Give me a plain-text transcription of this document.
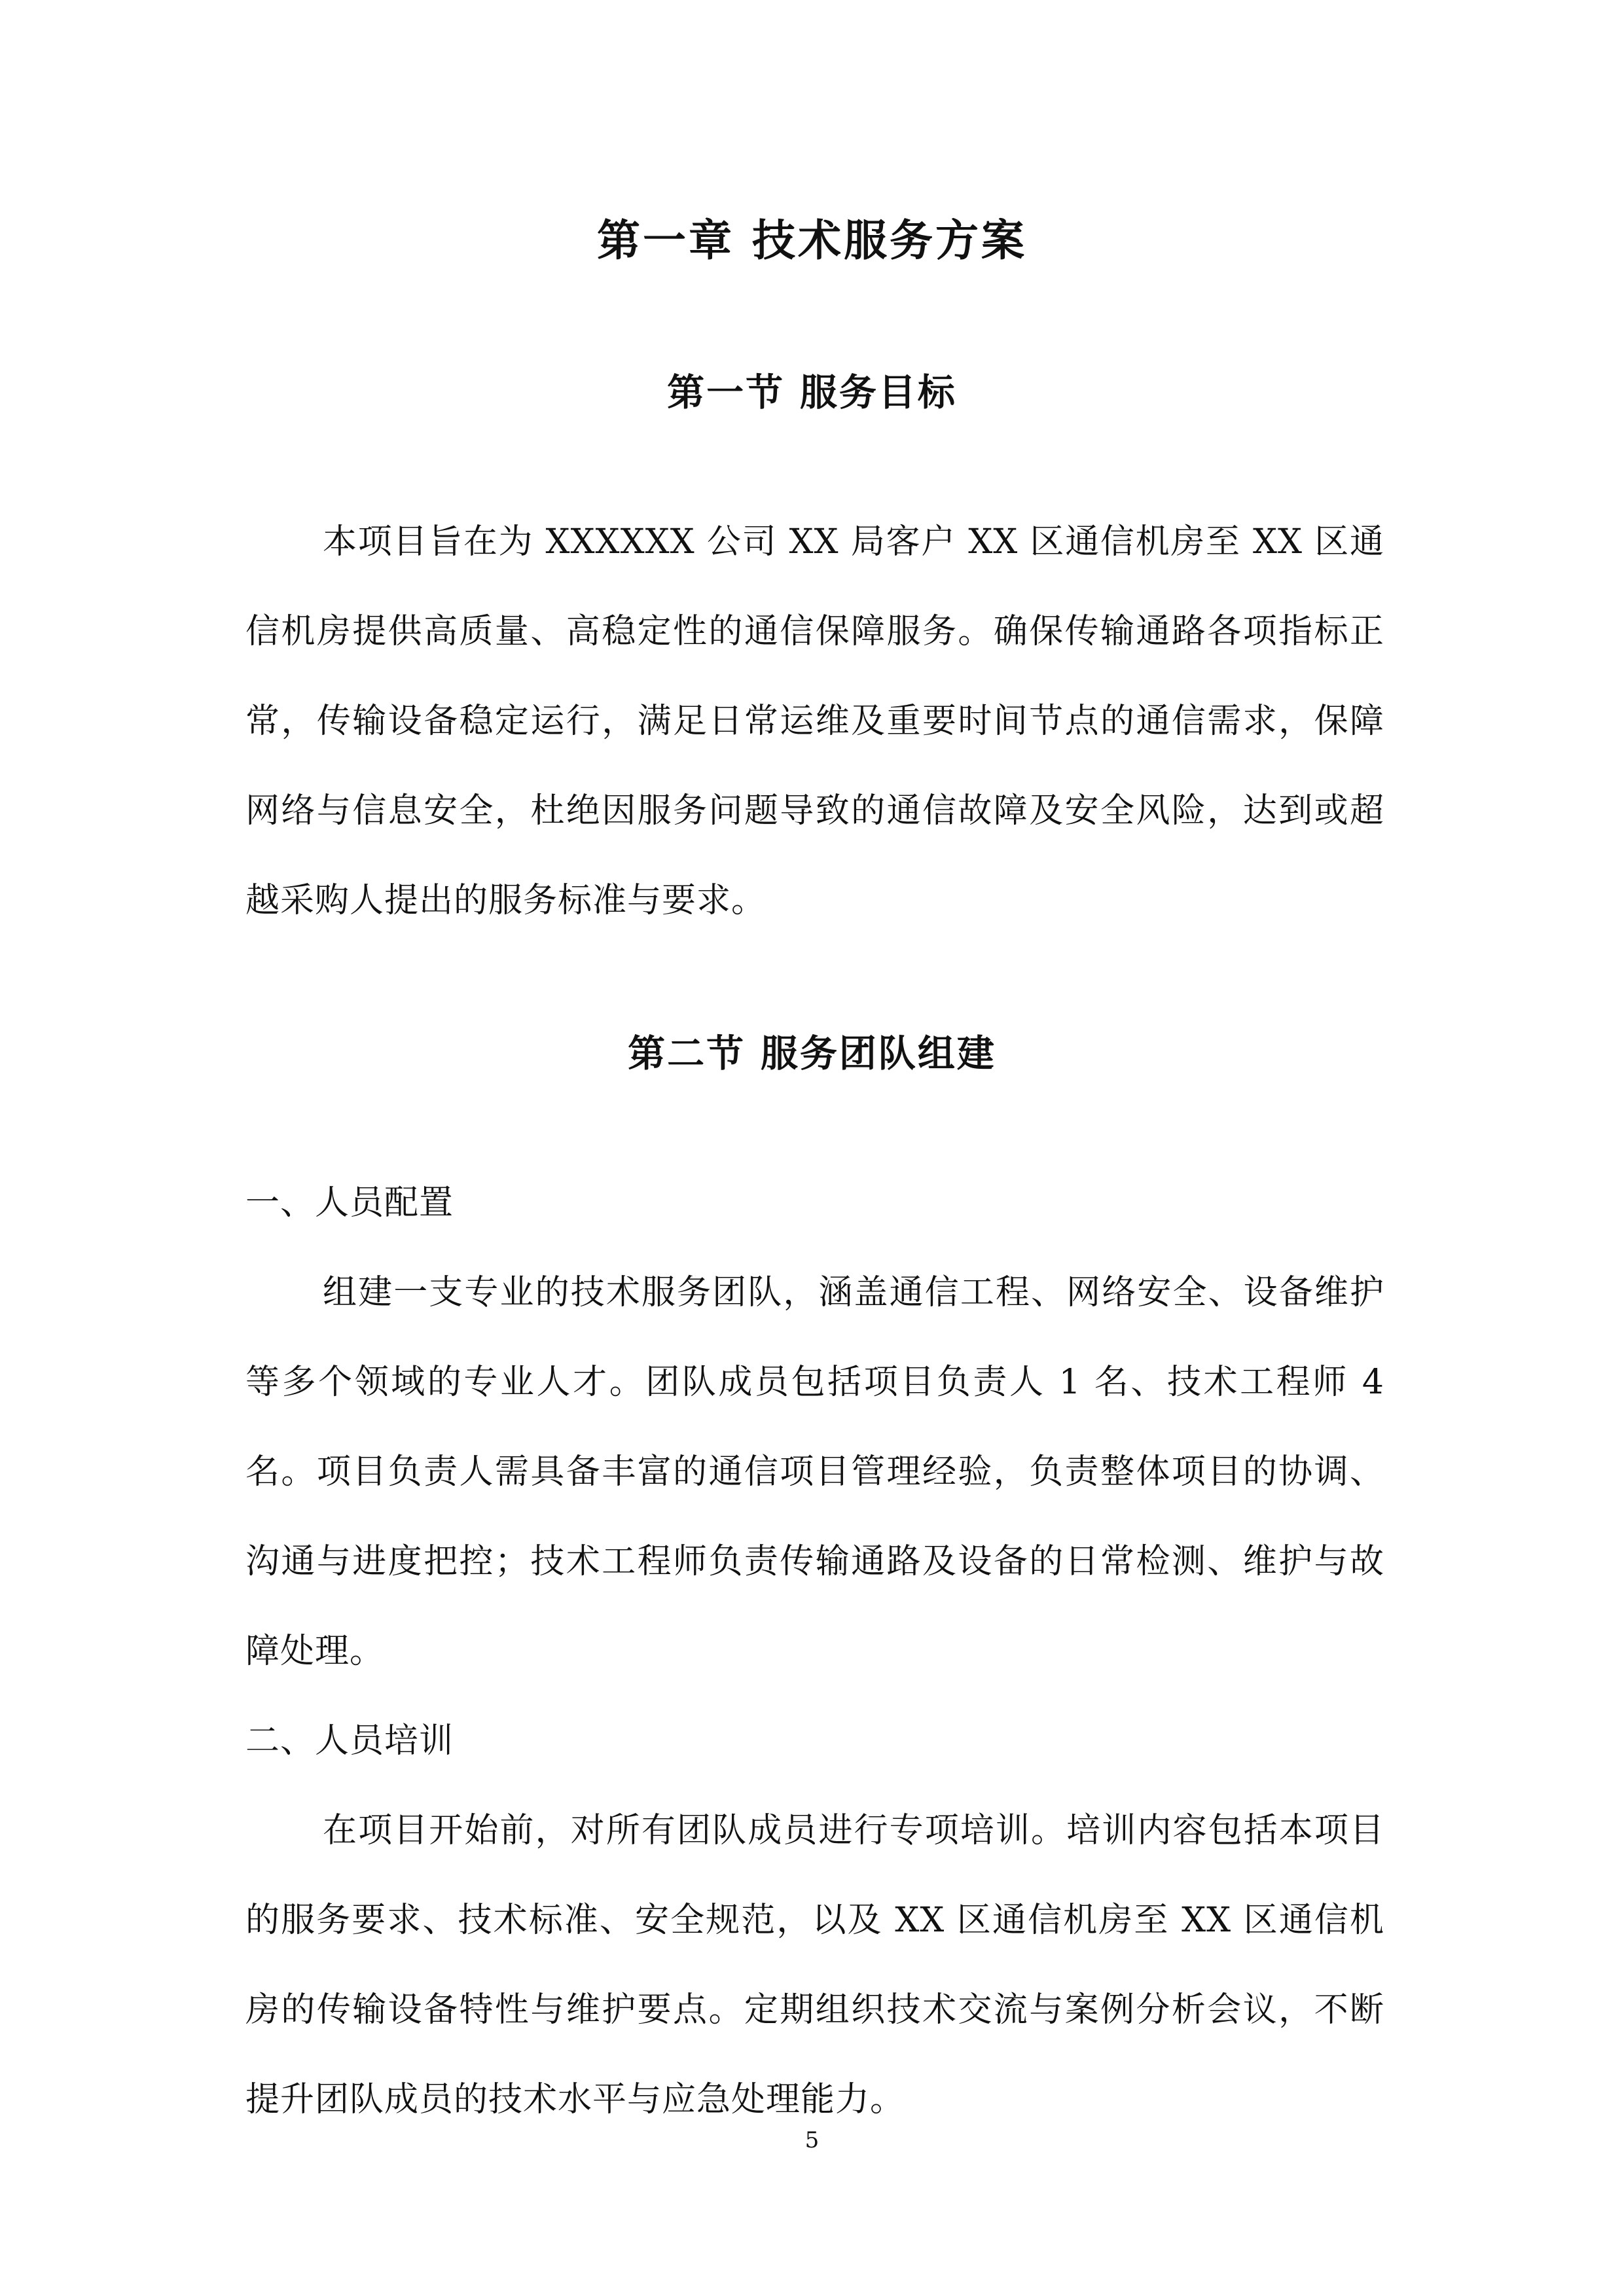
第一章 技术服务方案
第一节 服务目标

本项目旨在为 XXXXXX 公司 XX 局客户 XX 区通信机房至 XX 区通信机房提供高质量、高稳定性的通信保障服务。确保传输通路各项指标正常，传输设备稳定运行，满足日常运维及重要时间节点的通信需求，保障网络与信息安全，杜绝因服务问题导致的通信故障及安全风险，达到或超越采购人提出的服务标准与要求。

第二节 服务团队组建

一、人员配置

组建一支专业的技术服务团队，涵盖通信工程、网络安全、设备维护等多个领域的专业人才。团队成员包括项目负责人 1 名、技术工程师 4 名。项目负责人需具备丰富的通信项目管理经验，负责整体项目的协调、沟通与进度把控；技术工程师负责传输通路及设备的日常检测、维护与故障处理。

二、人员培训

在项目开始前，对所有团队成员进行专项培训。培训内容包括本项目的服务要求、技术标准、安全规范，以及 XX 区通信机房至 XX 区通信机房的传输设备特性与维护要点。定期组织技术交流与案例分析会议，不断提升团队成员的技术水平与应急处理能力。

5
